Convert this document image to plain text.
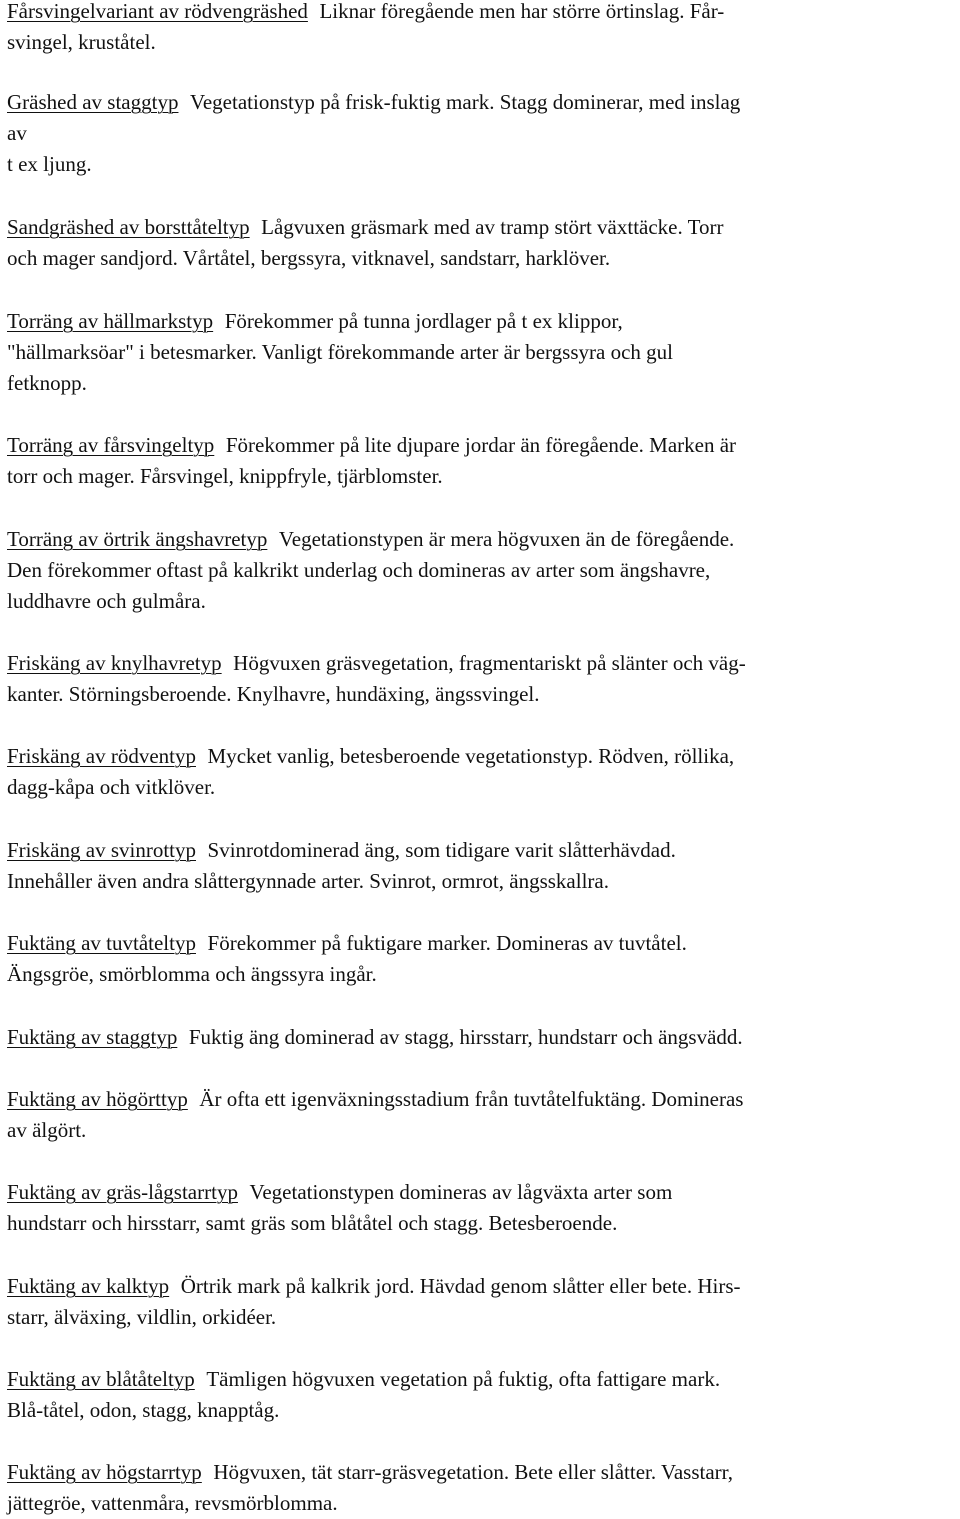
Fårsvingelvariant av rödvengräshed Liknar föregående men har större örtinslag. Får-
svingel, kruståtel.
Gräshed av staggtyp Vegetationstyp på frisk-fuktig mark. Stagg dominerar, med inslag
av
t ex ljung.
Sandgräshed av borsttåteltyp Lågvuxen gräsmark med av tramp stört växttäcke. Torr
och mager sandjord. Vårtåtel, bergssyra, vitknavel, sandstarr, harklöver.
Torräng av hällmarkstyp Förekommer på tunna jordlager på t ex klippor,
"hällmarksöar" i betesmarker. Vanligt förekommande arter är bergssyra och gul
fetknopp.
Torräng av fårsvingeltyp Förekommer på lite djupare jordar än föregående. Marken är
torr och mager. Fårsvingel, knippfryle, tjärblomster.
Torräng av örtrik ängshavretyp Vegetationstypen är mera högvuxen än de föregående.
Den förekommer oftast på kalkrikt underlag och domineras av arter som ängshavre,
luddhavre och gulmåra.
Friskäng av knylhavretyp Högvuxen gräsvegetation, fragmentariskt på slänter och väg-
kanter. Störningsberoende. Knylhavre, hundäxing, ängssvingel.
Friskäng av rödventyp Mycket vanlig, betesberoende vegetationstyp. Rödven, röllika,
dagg-kåpa och vitklöver.
Friskäng av svinrottyp Svinrotdominerad äng, som tidigare varit slåtterhävdad.
Innehåller även andra slåttergynnade arter. Svinrot, ormrot, ängsskallra.
Fuktäng av tuvtåteltyp Förekommer på fuktigare marker. Domineras av tuvtåtel.
Ängsgröe, smörblomma och ängssyra ingår.
Fuktäng av staggtyp Fuktig äng dominerad av stagg, hirsstarr, hundstarr och ängsvädd.
Fuktäng av högörttyp Är ofta ett igenväxningsstadium från tuvtåtelfuktäng. Domineras
av älgört.
Fuktäng av gräs-lågstarrtyp Vegetationstypen domineras av lågväxta arter som
hundstarr och hirsstarr, samt gräs som blåtåtel och stagg. Betesberoende.
Fuktäng av kalktyp Örtrik mark på kalkrik jord. Hävdad genom slåtter eller bete. Hirs-
starr, älväxing, vildlin, orkidéer.
Fuktäng av blåtåteltyp Tämligen högvuxen vegetation på fuktig, ofta fattigare mark.
Blå-tåtel, odon, stagg, knapptåg.
Fuktäng av högstarrtyp Högvuxen, tät starr-gräsvegetation. Bete eller slåtter. Vasstarr,
jättegröe, vattenmåra, revsmörblomma.
